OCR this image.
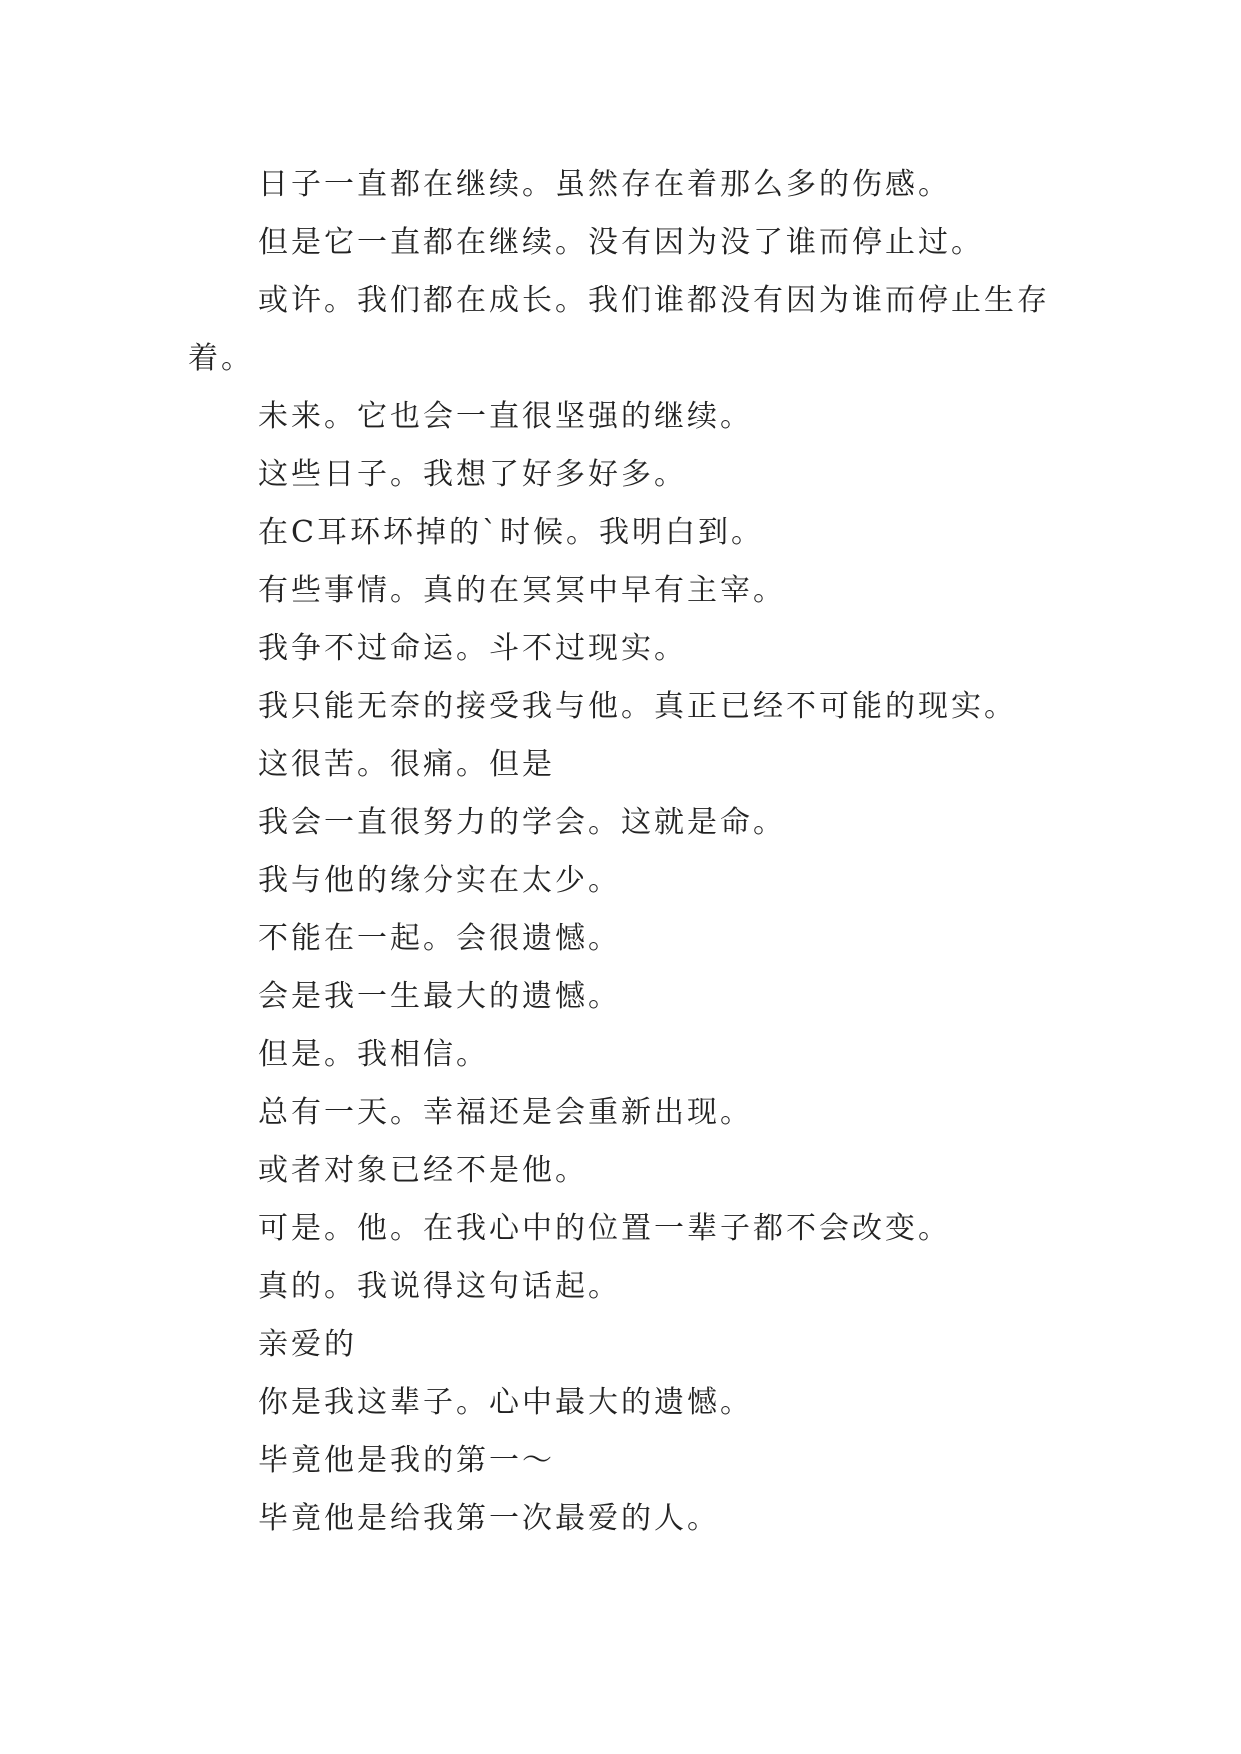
日子一直都在继续。虽然存在着那么多的伤感。

但是它一直都在继续。没有因为没了谁而停止过。

或许。我们都在成长。我们谁都没有因为谁而停止生存着。

未来。它也会一直很坚强的继续。

这些日子。我想了好多好多。

在C耳环坏掉的`时候。我明白到。

有些事情。真的在冥冥中早有主宰。

我争不过命运。斗不过现实。

我只能无奈的接受我与他。真正已经不可能的现实。

这很苦。很痛。但是

我会一直很努力的学会。这就是命。

我与他的缘分实在太少。

不能在一起。会很遗憾。

会是我一生最大的遗憾。

但是。我相信。

总有一天。幸福还是会重新出现。

或者对象已经不是他。

可是。他。在我心中的位置一辈子都不会改变。

真的。我说得这句话起。

亲爱的

你是我这辈子。心中最大的遗憾。

毕竟他是我的第一～

毕竟他是给我第一次最爱的人。
